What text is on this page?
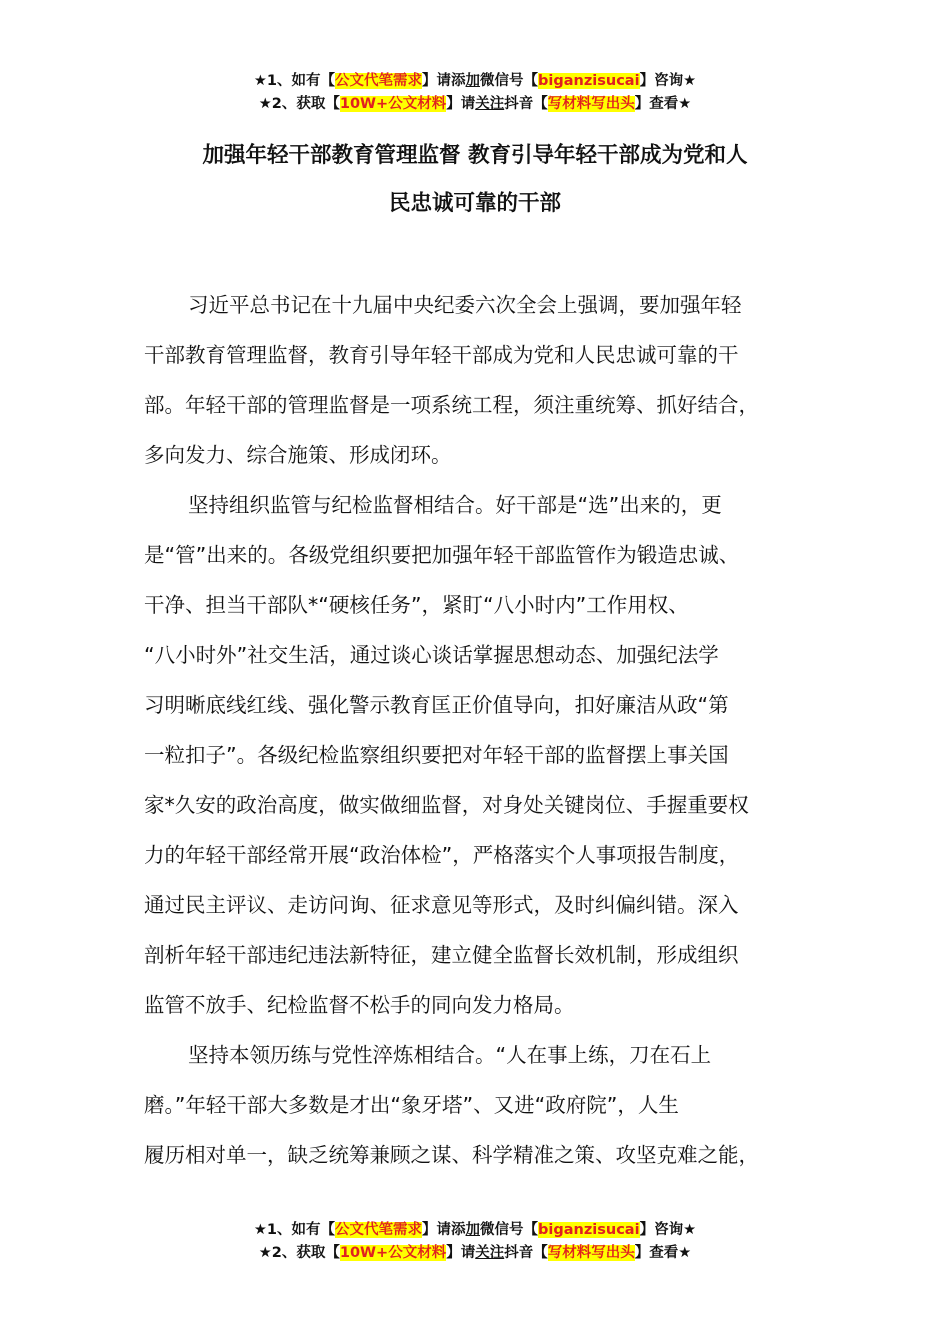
★1、如有【公文代笔需求】请添加微信号【biganzisucai】咨询★
★2、获取【10W+公文材料】请关注抖音【写材料写出头】查看★
加强年轻干部教育管理监督 教育引导年轻干部成为党和人
民忠诚可靠的干部
习近平总书记在十九届中央纪委六次全会上强调，要加强年轻
干部教育管理监督，教育引导年轻干部成为党和人民忠诚可靠的干
部。年轻干部的管理监督是一项系统工程，须注重统筹、抓好结合，
多向发力、综合施策、形成闭环。
坚持组织监管与纪检监督相结合。好干部是“选”出来的，更
是“管”出来的。各级党组织要把加强年轻干部监管作为锻造忠诚、
干净、担当干部队*“硬核任务”，紧盯“八小时内”工作用权、
“八小时外”社交生活，通过谈心谈话掌握思想动态、加强纪法学
习明晰底线红线、强化警示教育匡正价值导向，扣好廉洁从政“第
一粒扣子”。各级纪检监察组织要把对年轻干部的监督摆上事关国
家*久安的政治高度，做实做细监督，对身处关键岗位、手握重要权
力的年轻干部经常开展“政治体检”，严格落实个人事项报告制度，
通过民主评议、走访问询、征求意见等形式，及时纠偏纠错。深入
剖析年轻干部违纪违法新特征，建立健全监督长效机制，形成组织
监管不放手、纪检监督不松手的同向发力格局。
坚持本领历练与党性淬炼相结合。“人在事上练，刀在石上
磨。”年轻干部大多数是才出“象牙塔”、又进“政府院”，人生
履历相对单一，缺乏统筹兼顾之谋、科学精准之策、攻坚克难之能，
★1、如有【公文代笔需求】请添加微信号【biganzisucai】咨询★
★2、获取【10W+公文材料】请关注抖音【写材料写出头】查看★
